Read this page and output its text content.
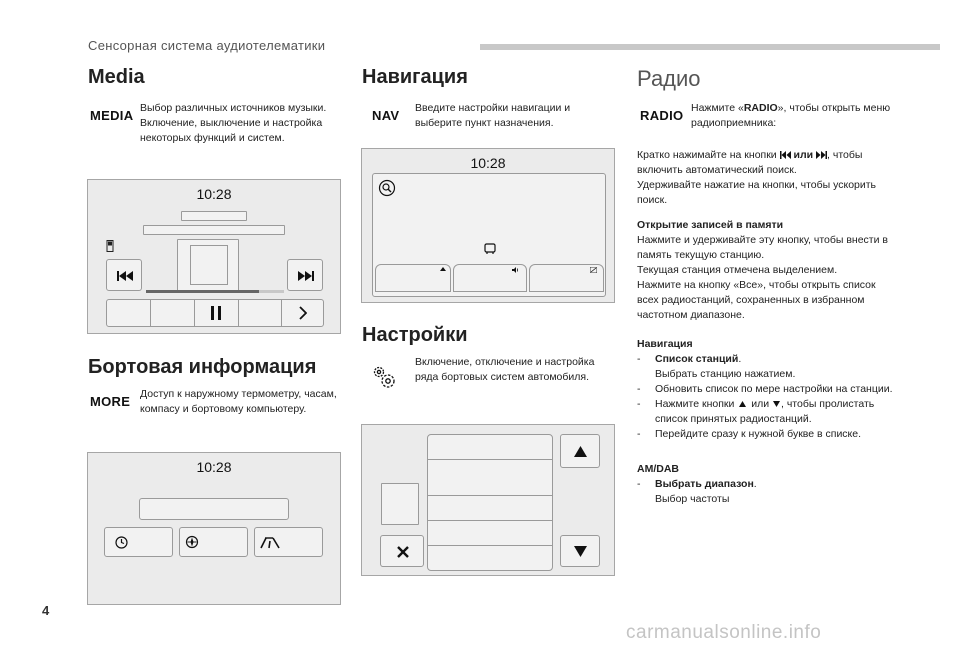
Сенсорная система аудиотелематики
Media
MEDIA Выбор различных источников музыки.

Включение, выключение и настройка

некоторых функций и систем.

10:28
Бортовая информация
MORE Доступ к наружному термометру, часам,

компасу и бортовому компьютеру.

10:28
Навигация
NAV Введите настройки навигации и

выберите пункт назначения.

10:28
Настройки

Включение, отключение и настройка

ряда бортовых систем автомобиля.

Радио
RADIO Нажмите «RADIO», чтобы открыть меню

радиоприемника:

Кратко нажимайте на кнопки или , чтобы

включить автоматический поиск.

Удерживайте нажатие на кнопки, чтобы ускорить

поиск.

Открытие записей в памяти

Нажмите и удерживайте эту кнопку, чтобы внести в

память текущую станцию.

Текущая станция отмечена выделением.

Нажмите на кнопку «Все», чтобы открыть список

всех радиостанций, сохраненных в избранном

частотном диапазоне.

Навигация

-	Список станций.

Выбрать станцию нажатием.

-	Обновить список по мере настройки на станции.
-	Нажмите кнопки или , чтобы пролистать

список принятых радиостанций.

-	Перейдите сразу к нужной букве в списке.

AM/DAB

-	Выбрать диапазон.

Выбор частоты

4
carmanualsonline.info
